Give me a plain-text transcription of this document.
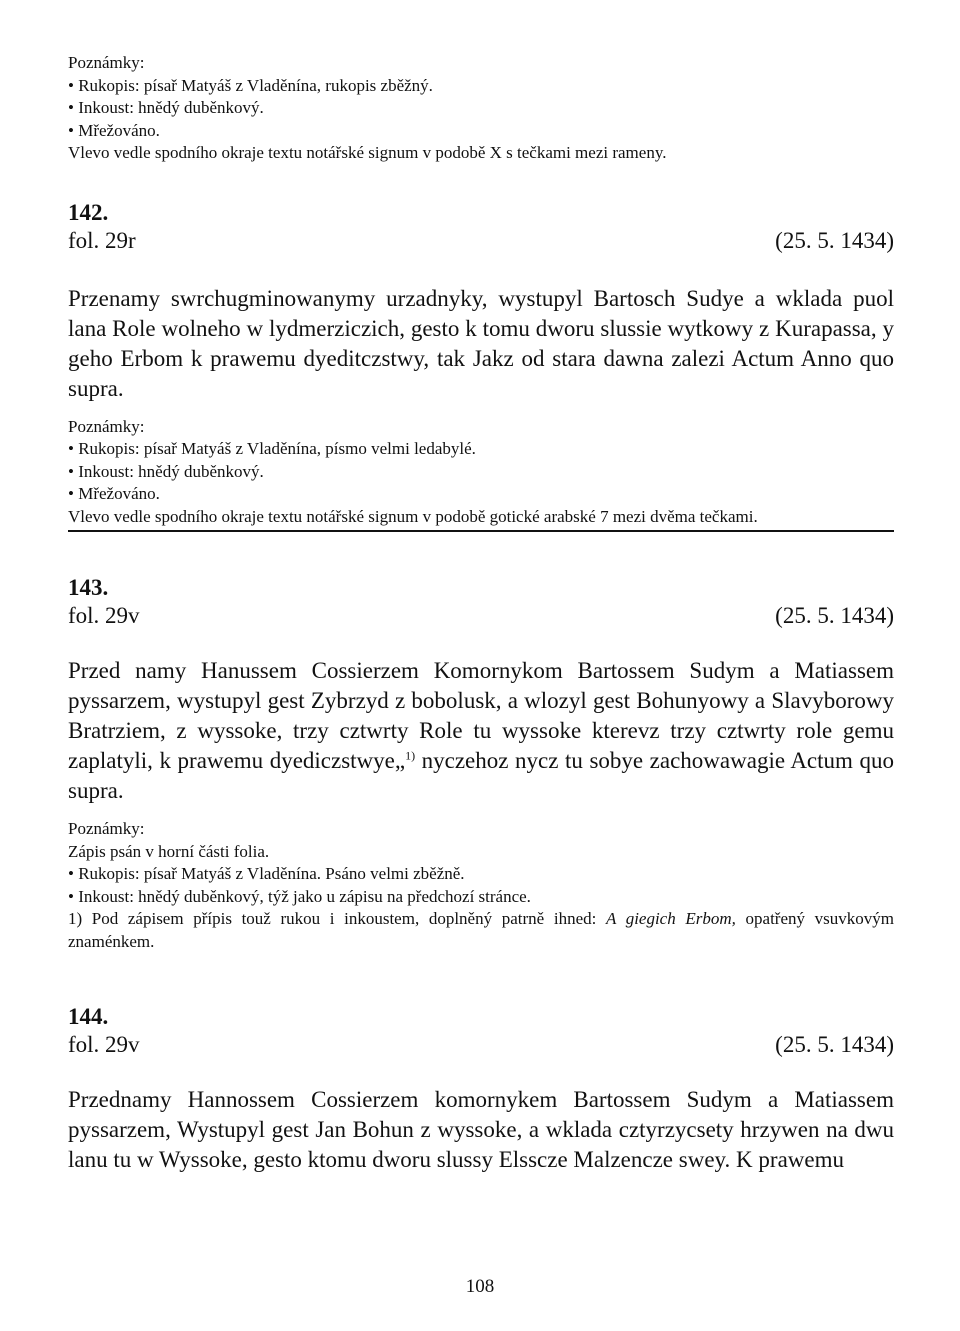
Poznámky:

• Rukopis: písař Matyáš z Vladěnína, rukopis zběžný.

• Inkoust: hnědý duběnkový.

• Mřežováno.

Vlevo vedle spodního okraje textu notářské signum v podobě X s tečkami mezi rameny.

142.

fol. 29r	(25. 5. 1434)

Przenamy swrchugminowanymy urzadnyky, wystupyl Bartosch Sudye a wklada puol lana Role wolneho w lydmerziczich, gesto k tomu dworu slussie wytkowy z Kurapassa, y geho Erbom k prawemu dyeditczstwy, tak Jakz od stara dawna zalezi Actum Anno quo supra.

Poznámky:

• Rukopis: písař Matyáš z Vladěnína, písmo velmi ledabylé.

• Inkoust: hnědý duběnkový.

• Mřežováno.

Vlevo vedle spodního okraje textu notářské signum v podobě gotické arabské 7 mezi dvěma tečkami.

143.

fol. 29v	(25. 5. 1434)

Przed namy Hanussem Cossierzem Komornykom Bartossem Sudym a Matiassem pyssarzem, wystupyl gest Zybrzyd z bobolusk, a wlozyl gest Bohunyowy a Slavyborowy Bratrziem, z wyssoke, trzy cztwrty Role tu wyssoke kterevz trzy cztwrty role gemu zaplatyli, k prawemu dyediczstwye„$^{1)}$ nyczehoz nycz tu sobye zachowawagie Actum quo supra.

Poznámky:

Zápis psán v horní části folia.

• Rukopis: písař Matyáš z Vladěnína. Psáno velmi zběžně.

• Inkoust: hnědý duběnkový, týž jako u zápisu na předchozí stránce.

1) Pod zápisem přípis touž rukou i inkoustem, doplněný patrně ihned: A giegich Erbom, opatřený vsuvkovým znaménkem.

144.

fol. 29v	(25. 5. 1434)

Przednamy Hannossem Cossierzem komornykem Bartossem Sudym a Matiassem pyssarzem, Wystupyl gest Jan Bohun z wyssoke, a wklada cztyrzycsety hrzywen na dwu lanu tu w Wyssoke, gesto ktomu dworu slussy Elsscze Malzencze swey. K prawemu

108
